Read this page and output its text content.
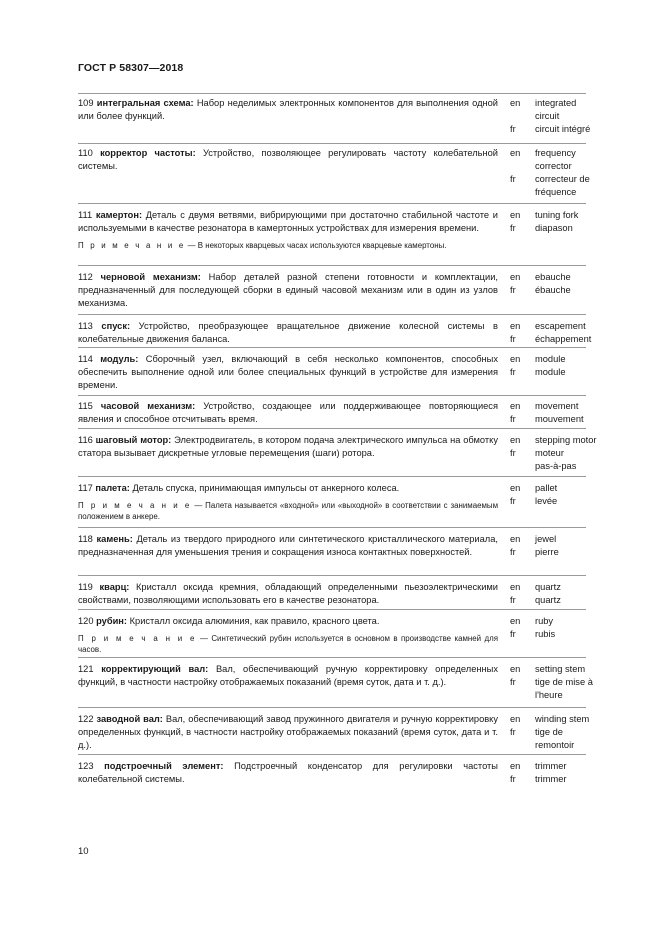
ГОСТ Р 58307—2018
109 интегральная схема: Набор неделимых электронных компонентов для выполнения одной или более функций.
en	integrated
circuit
fr	circuit intégré
110 корректор частоты: Устройство, позволяющее регулировать частоту колебательной системы.
en	frequency
corrector
fr	correcteur de
fréquence
111 камертон: Деталь с двумя ветвями, вибрирующими при достаточно стабильной частоте и используемыми в качестве резонатора в камертонных устройствах для измерения времени.
П р и м е ч а н и е — В некоторых кварцевых часах используются кварцевые камертоны.
en	tuning fork
fr	diapason
112 черновой механизм: Набор деталей разной степени готовности и комплектации, предназначенный для последующей сборки в единый часовой механизм или в один из узлов механизма.
en	ebauche
fr	ébauche
113 спуск: Устройство, преобразующее вращательное движение колесной системы в колебательные движения баланса.
en	escapement
fr	échappement
114 модуль: Сборочный узел, включающий в себя несколько компонентов, способных обеспечить выполнение одной или более специальных функций в устройстве для измерения времени.
en	module
fr	module
115 часовой механизм: Устройство, создающее или поддерживающее повторяющиеся явления и способное отсчитывать время.
en	movement
fr	mouvement
116 шаговый мотор: Электродвигатель, в котором подача электрического импульса на обмотку статора вызывает дискретные угловые перемещения (шаги) ротора.
en	stepping motor
fr	moteur
pas-à-pas
117 палета: Деталь спуска, принимающая импульсы от анкерного колеса.
П р и м е ч а н и е — Палета называется «входной» или «выходной» в соответствии с занимаемым положением в анкере.
en	pallet
fr	levée
118 камень: Деталь из твердого природного или синтетического кристаллического материала, предназначенная для уменьшения трения и сокращения износа контактных поверхностей.
en	jewel
fr	pierre
119 кварц: Кристалл оксида кремния, обладающий определенными пьезоэлектрическими свойствами, позволяющими использовать его в качестве резонатора.
en	quartz
fr	quartz
120 рубин: Кристалл оксида алюминия, как правило, красного цвета.
П р и м е ч а н и е — Синтетический рубин используется в основном в производстве камней для часов.
en	ruby
fr	rubis
121 корректирующий вал: Вал, обеспечивающий ручную корректировку определенных функций, в частности настройку отображаемых показаний (время суток, дата и т. д.).
en	setting stem
fr	tige de mise à
l'heure
122 заводной вал: Вал, обеспечивающий завод пружинного двигателя и ручную корректировку определенных функций, в частности настройку отображаемых показаний (время суток, дата и т. д.).
en	winding stem
fr	tige de
remontoir
123 подстроечный элемент: Подстроечный конденсатор для регулировки частоты колебательной системы.
en	trimmer
fr	trimmer
10
